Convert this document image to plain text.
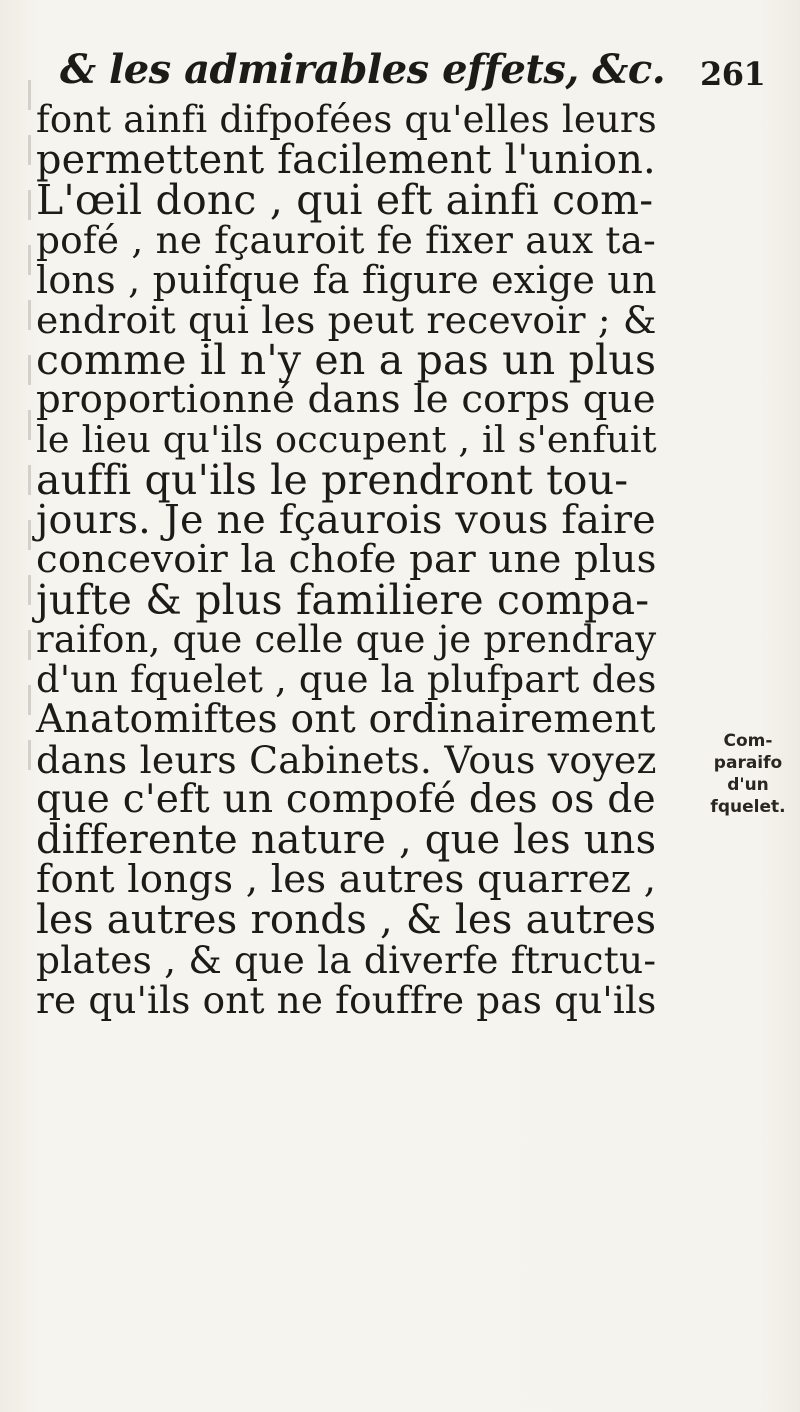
& les admirables effets, &c. 261
font ainfi difpofées qu'elles leurs
permettent facilement l'union.
L'œil donc , qui eft ainfi com-
pofé , ne fçauroit fe fixer aux ta-
lons , puifque fa figure exige un
endroit qui les peut recevoir ; &
comme il n'y en a pas un plus
proportionné dans le corps que
le lieu qu'ils occupent , il s'enfuit
auffi qu'ils le prendront tou-
jours. Je ne fçaurois vous faire
concevoir la chofe par une plus
jufte & plus familiere compa-
raifon, que celle que je prendray
d'un fquelet , que la plufpart des
Anatomiftes ont ordinairement
dans leurs Cabinets. Vous voyez
que c'eft un compofé des os de
differente nature , que les uns
font longs , les autres quarrez ,
les autres ronds , & les autres
plates , & que la diverfe ftructu-
re qu'ils ont ne fouffre pas qu'ils
Com-
paraifo
d'un
fquelet.
